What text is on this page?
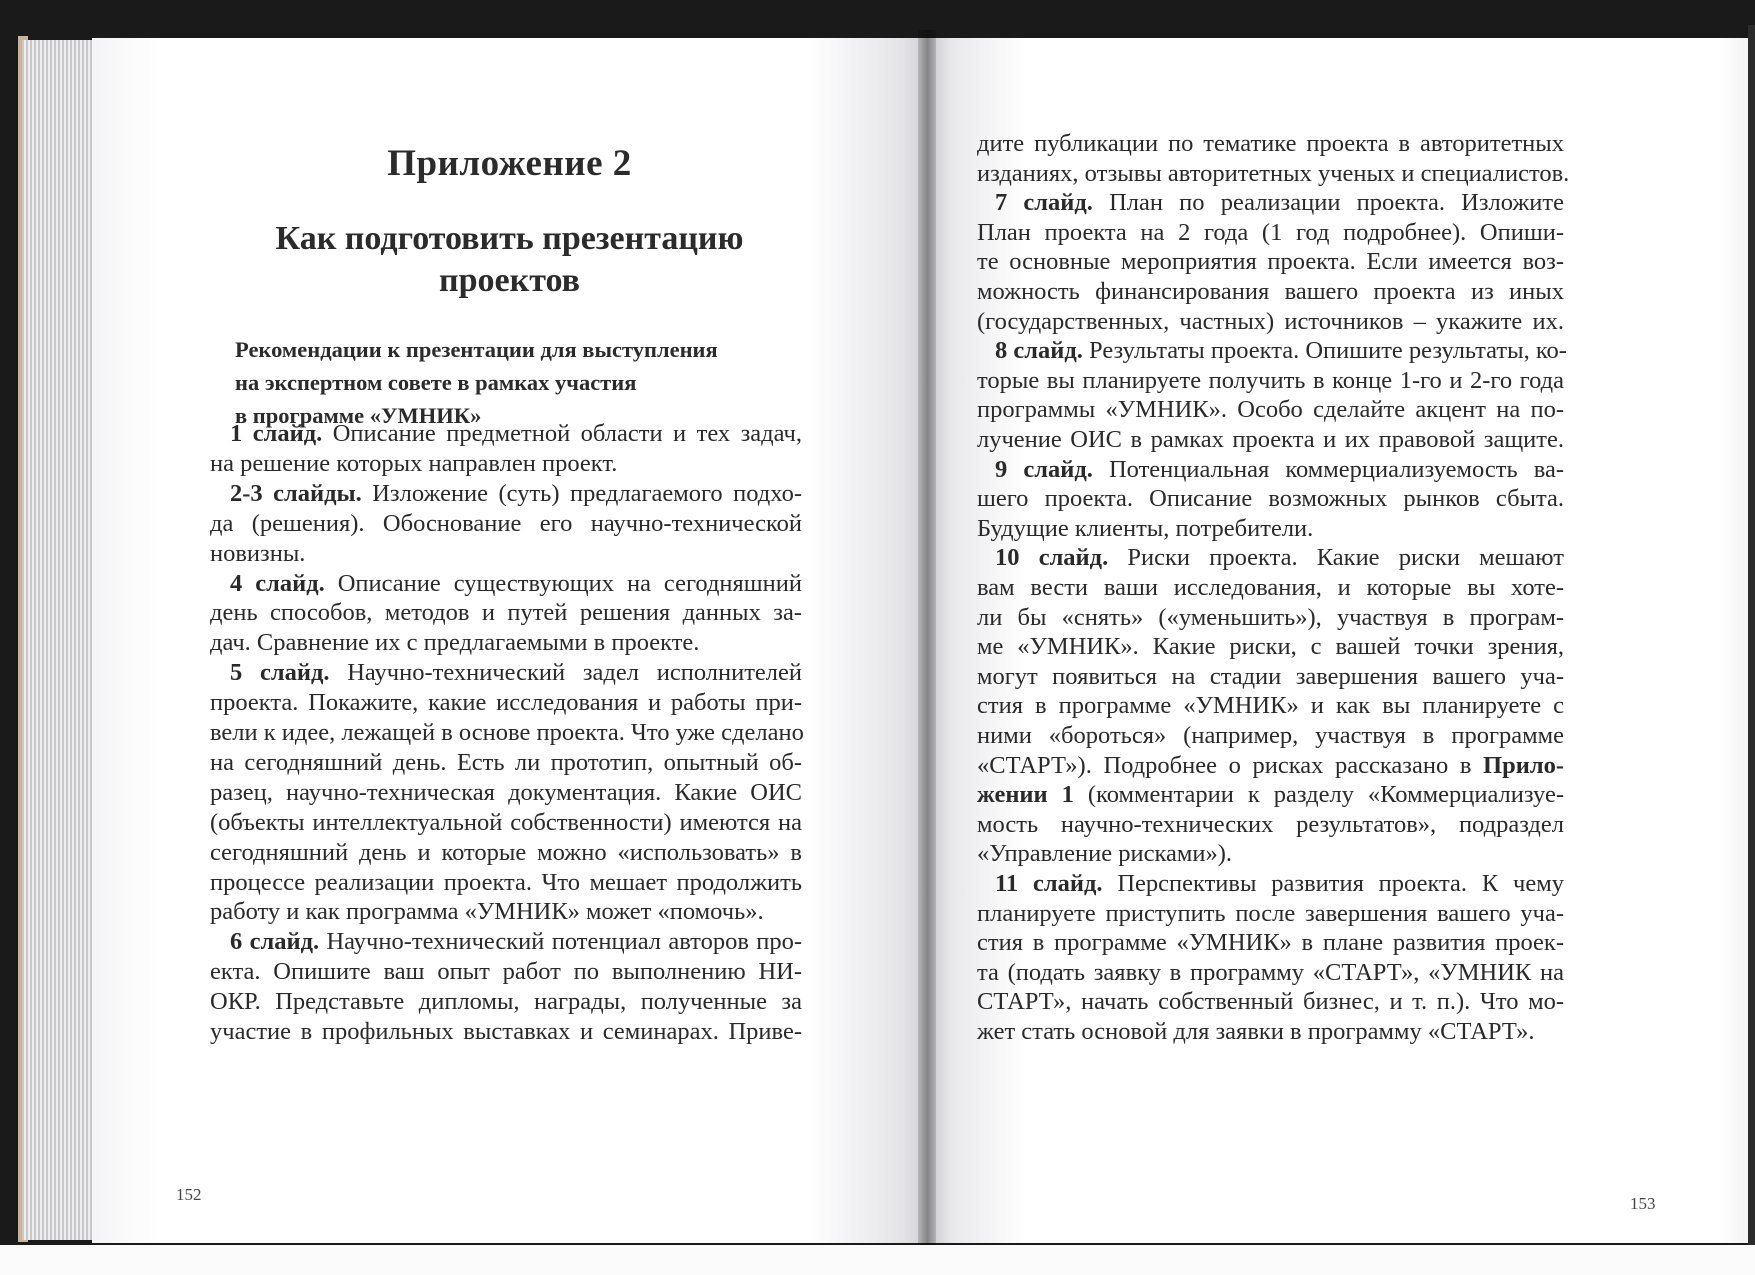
Приложение 2
Как подготовить презентацию
проектов
Рекомендации к презентации для выступления
на экспертном совете в рамках участия
в программе «УМНИК»
1 слайд. Описание предметной области и тех задач,
на решение которых направлен проект.
2-3 слайды. Изложение (суть) предлагаемого подхо-
да (решения). Обоснование его научно-технической
новизны.
4 слайд. Описание существующих на сегодняшний
день способов, методов и путей решения данных за-
дач. Сравнение их с предлагаемыми в проекте.
5 слайд. Научно-технический задел исполнителей
проекта. Покажите, какие исследования и работы при-
вели к идее, лежащей в основе проекта. Что уже сделано
на сегодняшний день. Есть ли прототип, опытный об-
разец, научно-техническая документация. Какие ОИС
(объекты интеллектуальной собственности) имеются на
сегодняшний день и которые можно «использовать» в
процессе реализации проекта. Что мешает продолжить
работу и как программа «УМНИК» может «помочь».
6 слайд. Научно-технический потенциал авторов про-
екта. Опишите ваш опыт работ по выполнению НИ-
ОКР. Представьте дипломы, награды, полученные за
участие в профильных выставках и семинарах. Приве-
152
дите публикации по тематике проекта в авторитетных
изданиях, отзывы авторитетных ученых и специалистов.
7 слайд. План по реализации проекта. Изложите
План проекта на 2 года (1 год подробнее). Опиши-
те основные мероприятия проекта. Если имеется воз-
можность финансирования вашего проекта из иных
(государственных, частных) источников – укажите их.
8 слайд. Результаты проекта. Опишите результаты, ко-
торые вы планируете получить в конце 1-го и 2-го года
программы «УМНИК». Особо сделайте акцент на по-
лучение ОИС в рамках проекта и их правовой защите.
9 слайд. Потенциальная коммерциализуемость ва-
шего проекта. Описание возможных рынков сбыта.
Будущие клиенты, потребители.
10 слайд. Риски проекта. Какие риски мешают
вам вести ваши исследования, и которые вы хоте-
ли бы «снять» («уменьшить»), участвуя в програм-
ме «УМНИК». Какие риски, с вашей точки зрения,
могут появиться на стадии завершения вашего уча-
стия в программе «УМНИК» и как вы планируете с
ними «бороться» (например, участвуя в программе
«СТАРТ»). Подробнее о рисках рассказано в Прило-
жении 1 (комментарии к разделу «Коммерциализуе-
мость научно-технических результатов», подраздел
«Управление рисками»).
11 слайд. Перспективы развития проекта. К чему
планируете приступить после завершения вашего уча-
стия в программе «УМНИК» в плане развития проек-
та (подать заявку в программу «СТАРТ», «УМНИК на
СТАРТ», начать собственный бизнес, и т. п.). Что мо-
жет стать основой для заявки в программу «СТАРТ».
153
